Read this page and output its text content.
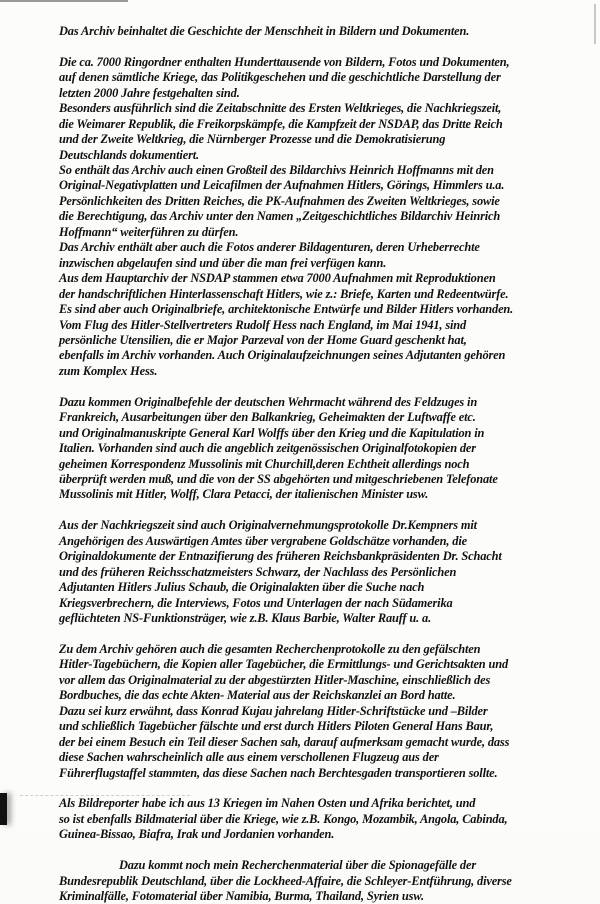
Das Archiv beinhaltet die Geschichte der Menschheit in Bildern und Dokumenten.

Die ca. 7000 Ringordner enthalten Hunderttausende von Bildern, Fotos und Dokumenten,
auf denen sämtliche Kriege, das Politikgeschehen und die geschichtliche Darstellung der
letzten 2000 Jahre festgehalten sind.
Besonders ausführlich sind die Zeitabschnitte des Ersten Weltkrieges, die Nachkriegszeit,
die Weimarer Republik, die Freikorpskämpfe, die Kampfzeit der NSDAP, das Dritte Reich
und der Zweite Weltkrieg, die Nürnberger Prozesse und die Demokratisierung
Deutschlands dokumentiert.
So enthält das Archiv auch einen Großteil des Bildarchivs Heinrich Hoffmanns mit den
Original-Negativplatten und Leicafilmen der Aufnahmen Hitlers, Görings, Himmlers u.a.
Persönlichkeiten des Dritten Reiches, die PK-Aufnahmen des Zweiten Weltkrieges, sowie
die Berechtigung, das Archiv unter den Namen „Zeitgeschichtliches Bildarchiv Heinrich
Hoffmann“ weiterführen zu dürfen.
Das Archiv enthält aber auch die Fotos anderer Bildagenturen, deren Urheberrechte
inzwischen abgelaufen sind und über die man frei verfügen kann.
Aus dem Hauptarchiv der NSDAP stammen etwa 7000 Aufnahmen mit Reproduktionen
der handschriftlichen Hinterlassenschaft Hitlers, wie z.: Briefe, Karten und Redeentwürfe.
Es sind aber auch Originalbriefe, architektonische Entwürfe und Bilder Hitlers vorhanden.
Vom Flug des Hitler-Stellvertreters Rudolf Hess nach England, im Mai 1941, sind
persönliche Utensilien, die er Major Parzeval von der Home Guard geschenkt hat,
ebenfalls im Archiv vorhanden. Auch Originalaufzeichnungen seines Adjutanten gehören
zum Komplex Hess.

Dazu kommen Originalbefehle der deutschen Wehrmacht während des Feldzuges in
Frankreich, Ausarbeitungen über den Balkankrieg, Geheimakten der Luftwaffe etc.
und Originalmanuskripte General Karl Wolffs über den Krieg und die Kapitulation in
Italien. Vorhanden sind auch die angeblich zeitgenössischen Originalfotokopien der
geheimen Korrespondenz Mussolinis mit Churchill,deren Echtheit allerdings noch
überprüft werden muß, und die von der SS abgehörten und mitgeschriebenen Telefonate
Mussolinis mit Hitler, Wolff, Clara Petacci, der italienischen Minister usw.

Aus der Nachkriegszeit sind auch Originalvernehmungsprotokolle Dr.Kempners mit
Angehörigen des Auswärtigen Amtes über vergrabene Goldschätze vorhanden, die
Originaldokumente der Entnazifierung des früheren Reichsbankpräsidenten Dr. Schacht
und des früheren Reichsschatzmeisters Schwarz, der Nachlass des Persönlichen
Adjutanten Hitlers Julius Schaub, die Originalakten über die Suche nach
Kriegsverbrechern, die Interviews, Fotos und Unterlagen der nach Südamerika
geflüchteten NS-Funktionsträger, wie z.B. Klaus Barbie, Walter Rauff u. a.

Zu dem Archiv gehören auch die gesamten Recherchenprotokolle zu den gefälschten
Hitler-Tagebüchern, die Kopien aller Tagebücher, die Ermittlungs- und Gerichtsakten und
vor allem das Originalmaterial zu der abgestürzten Hitler-Maschine, einschließlich des
Bordbuches, die das echte Akten- Material aus der Reichskanzlei an Bord hatte.
Dazu sei kurz erwähnt, dass Konrad Kujau jahrelang Hitler-Schriftstücke und –Bilder
und schließlich Tagebücher fälschte und erst durch Hitlers Piloten General Hans Baur,
der bei einem Besuch ein Teil dieser Sachen sah, darauf aufmerksam gemacht wurde, dass
diese Sachen wahrscheinlich alle aus einem verschollenen Flugzeug aus der
Führerflugstaffel stammten, das diese Sachen nach Berchtesgaden transportieren sollte.

Als Bildreporter habe ich aus 13 Kriegen im Nahen Osten und Afrika berichtet, und
so ist ebenfalls Bildmaterial über die Kriege, wie z.B. Kongo, Mozambik, Angola, Cabinda,
Guinea-Bissao, Biafra, Irak und Jordanien vorhanden.

Dazu kommt noch mein Recherchenmaterial über die Spionagefälle der
Bundesrepublik Deutschland, über die Lockheed-Affaire, die Schleyer-Entführung, diverse
Kriminalfälle, Fotomaterial über Namibia, Burma, Thailand, Syrien usw.
